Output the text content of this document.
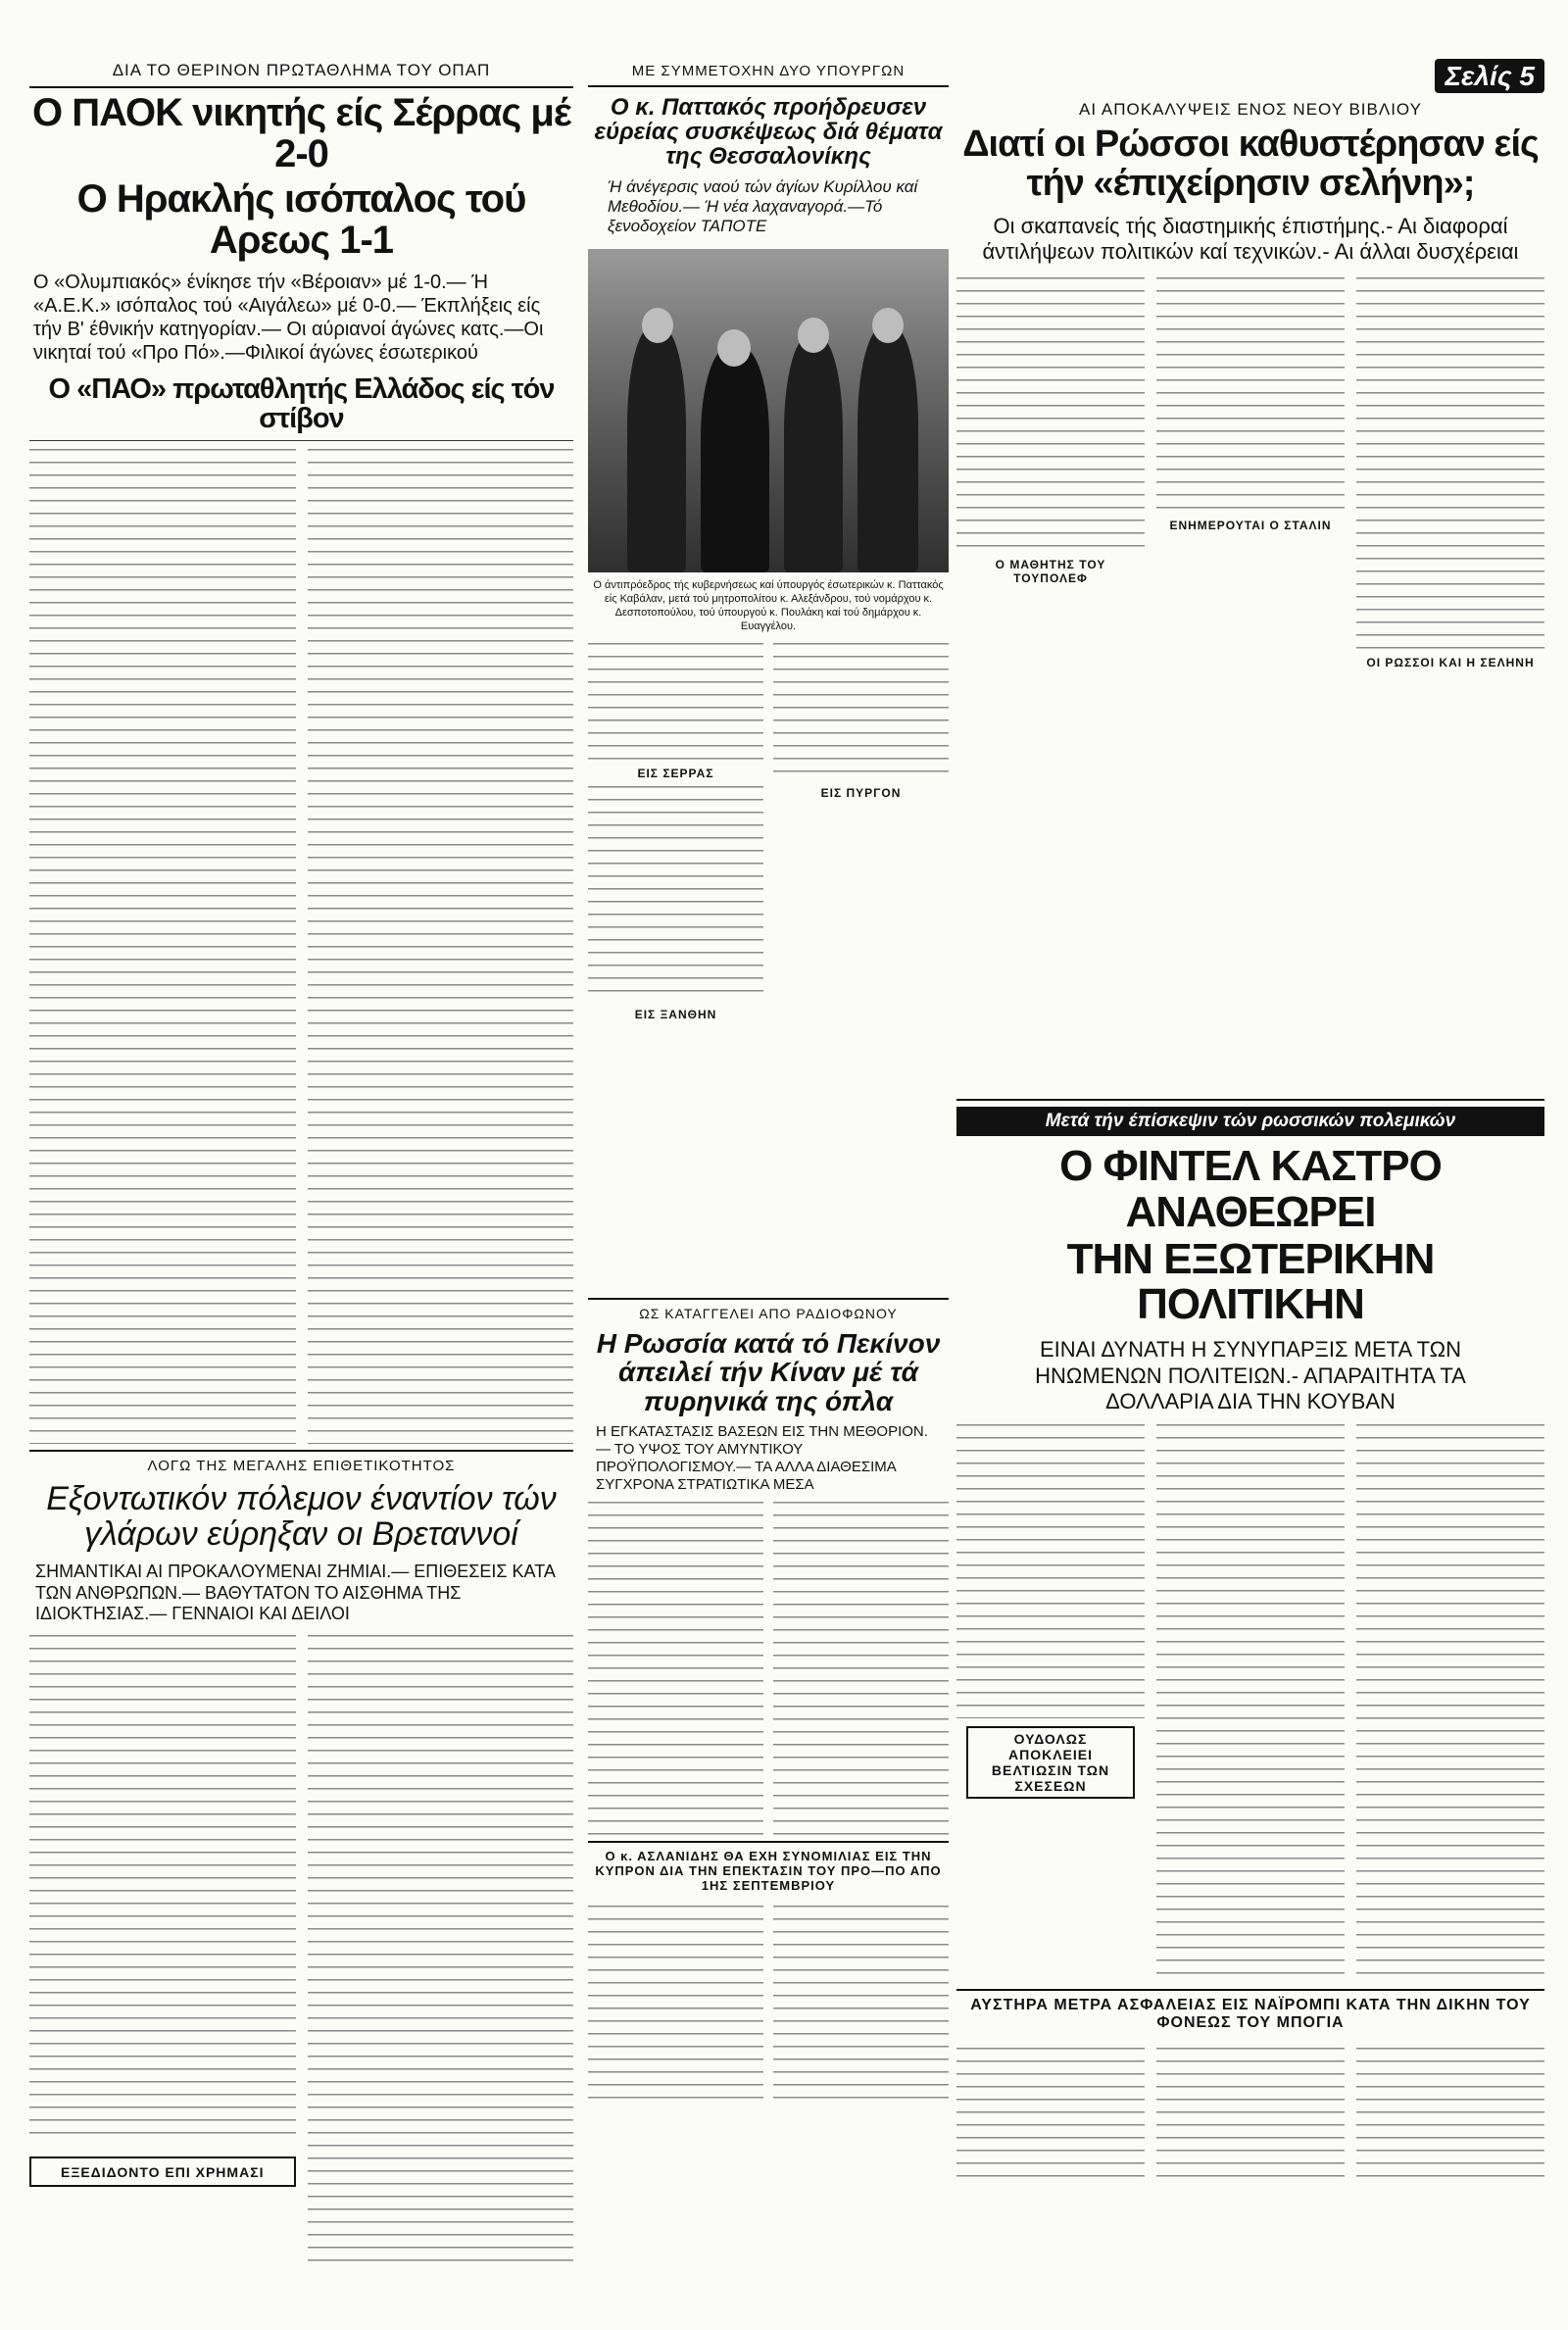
ΔΙΑ ΤΟ ΘΕΡΙΝΟΝ ΠΡΩΤΑΘΛΗΜΑ ΤΟΥ ΟΠΑΠ

Ο ΠΑΟΚ νικητής είς Σέρρας μέ 2-0
Ο Ηρακλής ισόπαλος τού Αρεως 1-1

Ο «Ολυμπιακός» ένίκησε τήν «Βέροιαν» μέ 1-0.— Ή «Α.Ε.Κ.» ισόπαλος τού «Αιγάλεω» μέ 0-0.— Έκπλήξεις είς τήν Β' έθνικήν κατηγορίαν.— Οι αύριανοί άγώνες κατς.—Οι νικηταί τού «Προ Πό».—Φιλικοί άγώνες έσωτερικού

Ο «ΠΑΟ» πρωταθλητής Ελλάδος είς τόν στίβον

ΛΟΓΩ ΤΗΣ ΜΕΓΑΛΗΣ ΕΠΙΘΕΤΙΚΟΤΗΤΟΣ

Εξοντωτικόν πόλεμον έναντίον τών γλάρων εύρηξαν οι Βρεταννοί

ΣΗΜΑΝΤΙΚΑΙ ΑΙ ΠΡΟΚΑΛΟΥΜΕΝΑΙ ΖΗΜΙΑΙ.— ΕΠΙΘΕΣΕΙΣ ΚΑΤΑ ΤΩΝ ΑΝΘΡΩΠΩΝ.— ΒΑΘΥΤΑΤΟΝ ΤΟ ΑΙΣΘΗΜΑ ΤΗΣ ΙΔΙΟΚΤΗΣΙΑΣ.— ΓΕΝΝΑΙΟΙ ΚΑΙ ΔΕΙΛΟΙ

ΕΞΕΔΙΔΟΝΤΟ ΕΠΙ ΧΡΗΜΑΣΙ

ΜΕ ΣΥΜΜΕΤΟΧΗΝ ΔΥΟ ΥΠΟΥΡΓΩΝ

Ο κ. Παττακός προήδρευσεν εύρείας συσκέψεως διά θέματα της Θεσσαλονίκης

Ή άνέγερσις ναού τών άγίων Κυρίλλου καί Μεθοδίου.— Ή νέα λαχαναγορά.—Τό ξενοδοχείον ΤΑΠΟΤΕ

Ο άντιπρόεδρος τής κυβερνήσεως καί ύπουργός έσωτερικών κ. Παττακός είς Καβάλαν, μετά τού μητροπολίτου κ. Αλεξάνδρου, τού νομάρχου κ. Δεσποτοπούλου, τού ύπουργού κ. Πουλάκη καί τού δημάρχου κ. Ευαγγέλου.

ΕΙΣ ΣΕΡΡΑΣ

ΕΙΣ ΞΑΝΘΗΝ

ΕΙΣ ΠΥΡΓΟΝ

ΩΣ ΚΑΤΑΓΓΕΛΕΙ ΑΠΟ ΡΑΔΙΟΦΩΝΟΥ

Η Ρωσσία κατά τό Πεκίνον άπειλεί τήν Κίναν μέ τά πυρηνικά της όπλα

Η ΕΓΚΑΤΑΣΤΑΣΙΣ ΒΑΣΕΩΝ ΕΙΣ ΤΗΝ ΜΕΘΟΡΙΟΝ.— ΤΟ ΥΨΟΣ ΤΟΥ ΑΜΥΝΤΙΚΟΥ ΠΡΟΫΠΟΛΟΓΙΣΜΟΥ.— ΤΑ ΑΛΛΑ ΔΙΑΘΕΣΙΜΑ ΣΥΓΧΡΟΝΑ ΣΤΡΑΤΙΩΤΙΚΑ ΜΕΣΑ

Ο κ. ΑΣΛΑΝΙΔΗΣ ΘΑ ΕΧΗ ΣΥΝΟΜΙΛΙΑΣ ΕΙΣ ΤΗΝ ΚΥΠΡΟΝ ΔΙΑ ΤΗΝ ΕΠΕΚΤΑΣΙΝ ΤΟΥ ΠΡΟ—ΠΟ ΑΠΟ 1ΗΣ ΣΕΠΤΕΜΒΡΙΟΥ

Σελίς 5

ΑΙ ΑΠΟΚΑΛΥΨΕΙΣ ΕΝΟΣ ΝΕΟΥ ΒΙΒΛΙΟΥ

Διατί οι Ρώσσοι καθυστέρησαν είς τήν «έπιχείρησιν σελήνη»;

Οι σκαπανείς τής διαστημικής έπιστήμης.- Αι διαφοραί άντιλήψεων πολιτικών καί τεχνικών.- Αι άλλαι δυσχέρειαι

Ο ΜΑΘΗΤΗΣ ΤΟΥ ΤΟΥΠΟΛΕΦ

ΕΝΗΜΕΡΟΥΤΑΙ Ο ΣΤΑΛΙΝ

ΟΙ ΡΩΣΣΟΙ ΚΑΙ Η ΣΕΛΗΝΗ

Μετά τήν έπίσκεψιν τών ρωσσικών πολεμικών
Ο ΦΙΝΤΕΛ ΚΑΣΤΡΟ ΑΝΑΘΕΩΡΕΙ
ΤΗΝ ΕΞΩΤΕΡΙΚΗΝ ΠΟΛΙΤΙΚΗΝ

ΕΙΝΑΙ ΔΥΝΑΤΗ Η ΣΥΝΥΠΑΡΞΙΣ ΜΕΤΑ ΤΩΝ ΗΝΩΜΕΝΩΝ ΠΟΛΙΤΕΙΩΝ.- ΑΠΑΡΑΙΤΗΤΑ ΤΑ ΔΟΛΛΑΡΙΑ ΔΙΑ ΤΗΝ ΚΟΥΒΑΝ

ΟΥΔΟΛΩΣ ΑΠΟΚΛΕΙΕΙ
ΒΕΛΤΙΩΣΙΝ ΤΩΝ ΣΧΕΣΕΩΝ

ΑΥΣΤΗΡΑ ΜΕΤΡΑ ΑΣΦΑΛΕΙΑΣ ΕΙΣ ΝΑΪΡΟΜΠΙ ΚΑΤΑ ΤΗΝ ΔΙΚΗΝ ΤΟΥ ΦΟΝΕΩΣ ΤΟΥ ΜΠΟΓΙΑ
